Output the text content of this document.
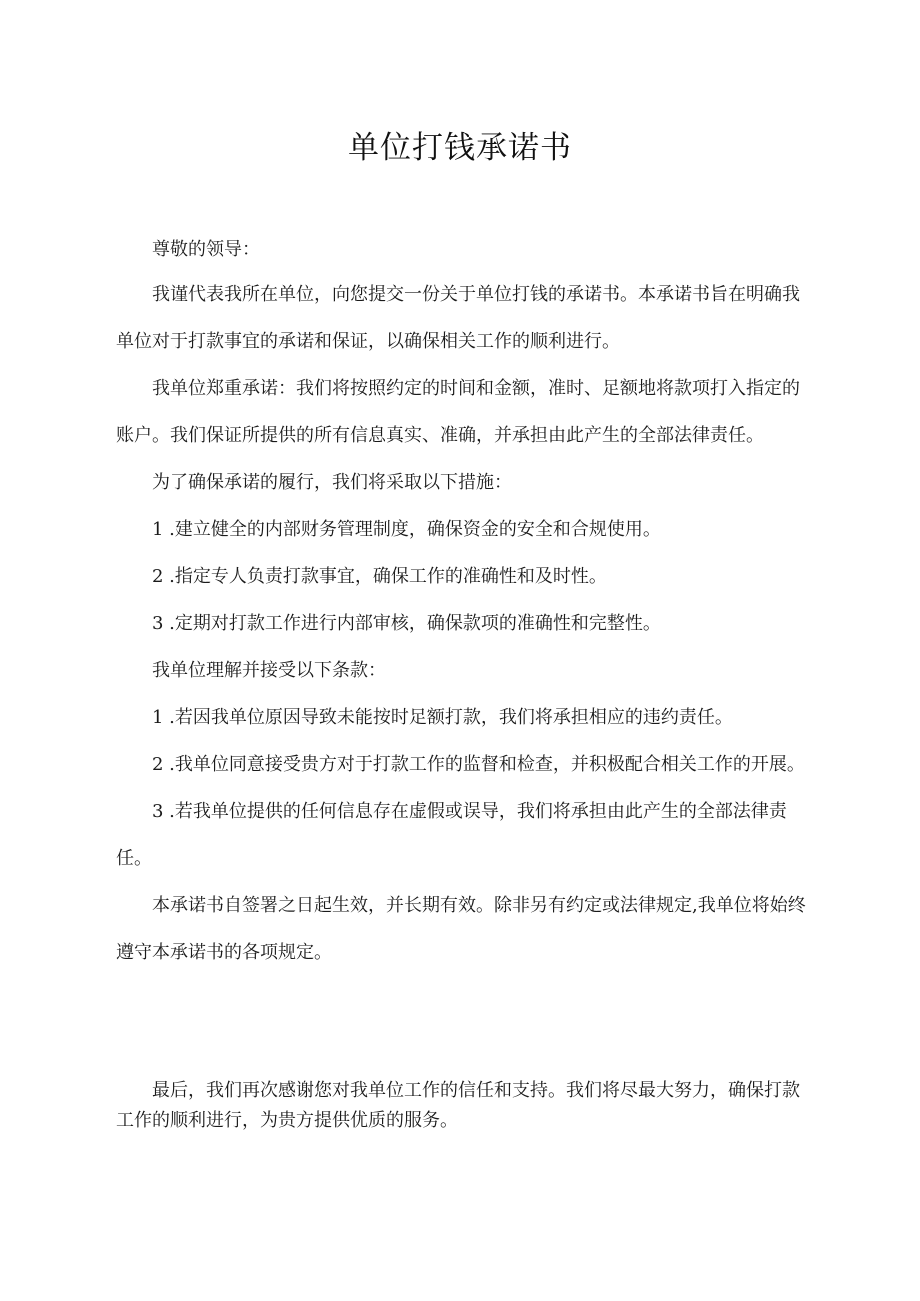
单位打钱承诺书

尊敬的领导：

我谨代表我所在单位，向您提交一份关于单位打钱的承诺书。本承诺书旨在明确我单位对于打款事宜的承诺和保证，以确保相关工作的顺利进行。

我单位郑重承诺：我们将按照约定的时间和金额，准时、足额地将款项打入指定的账户。我们保证所提供的所有信息真实、准确，并承担由此产生的全部法律责任。

为了确保承诺的履行，我们将采取以下措施：

1 .建立健全的内部财务管理制度，确保资金的安全和合规使用。

2 .指定专人负责打款事宜，确保工作的准确性和及时性。

3 .定期对打款工作进行内部审核，确保款项的准确性和完整性。

我单位理解并接受以下条款：

1 .若因我单位原因导致未能按时足额打款，我们将承担相应的违约责任。

2 .我单位同意接受贵方对于打款工作的监督和检查，并积极配合相关工作的开展。

3 .若我单位提供的任何信息存在虚假或误导，我们将承担由此产生的全部法律责任。

本承诺书自签署之日起生效，并长期有效。除非另有约定或法律规定,我单位将始终遵守本承诺书的各项规定。

最后，我们再次感谢您对我单位工作的信任和支持。我们将尽最大努力，确保打款工作的顺利进行，为贵方提供优质的服务。
